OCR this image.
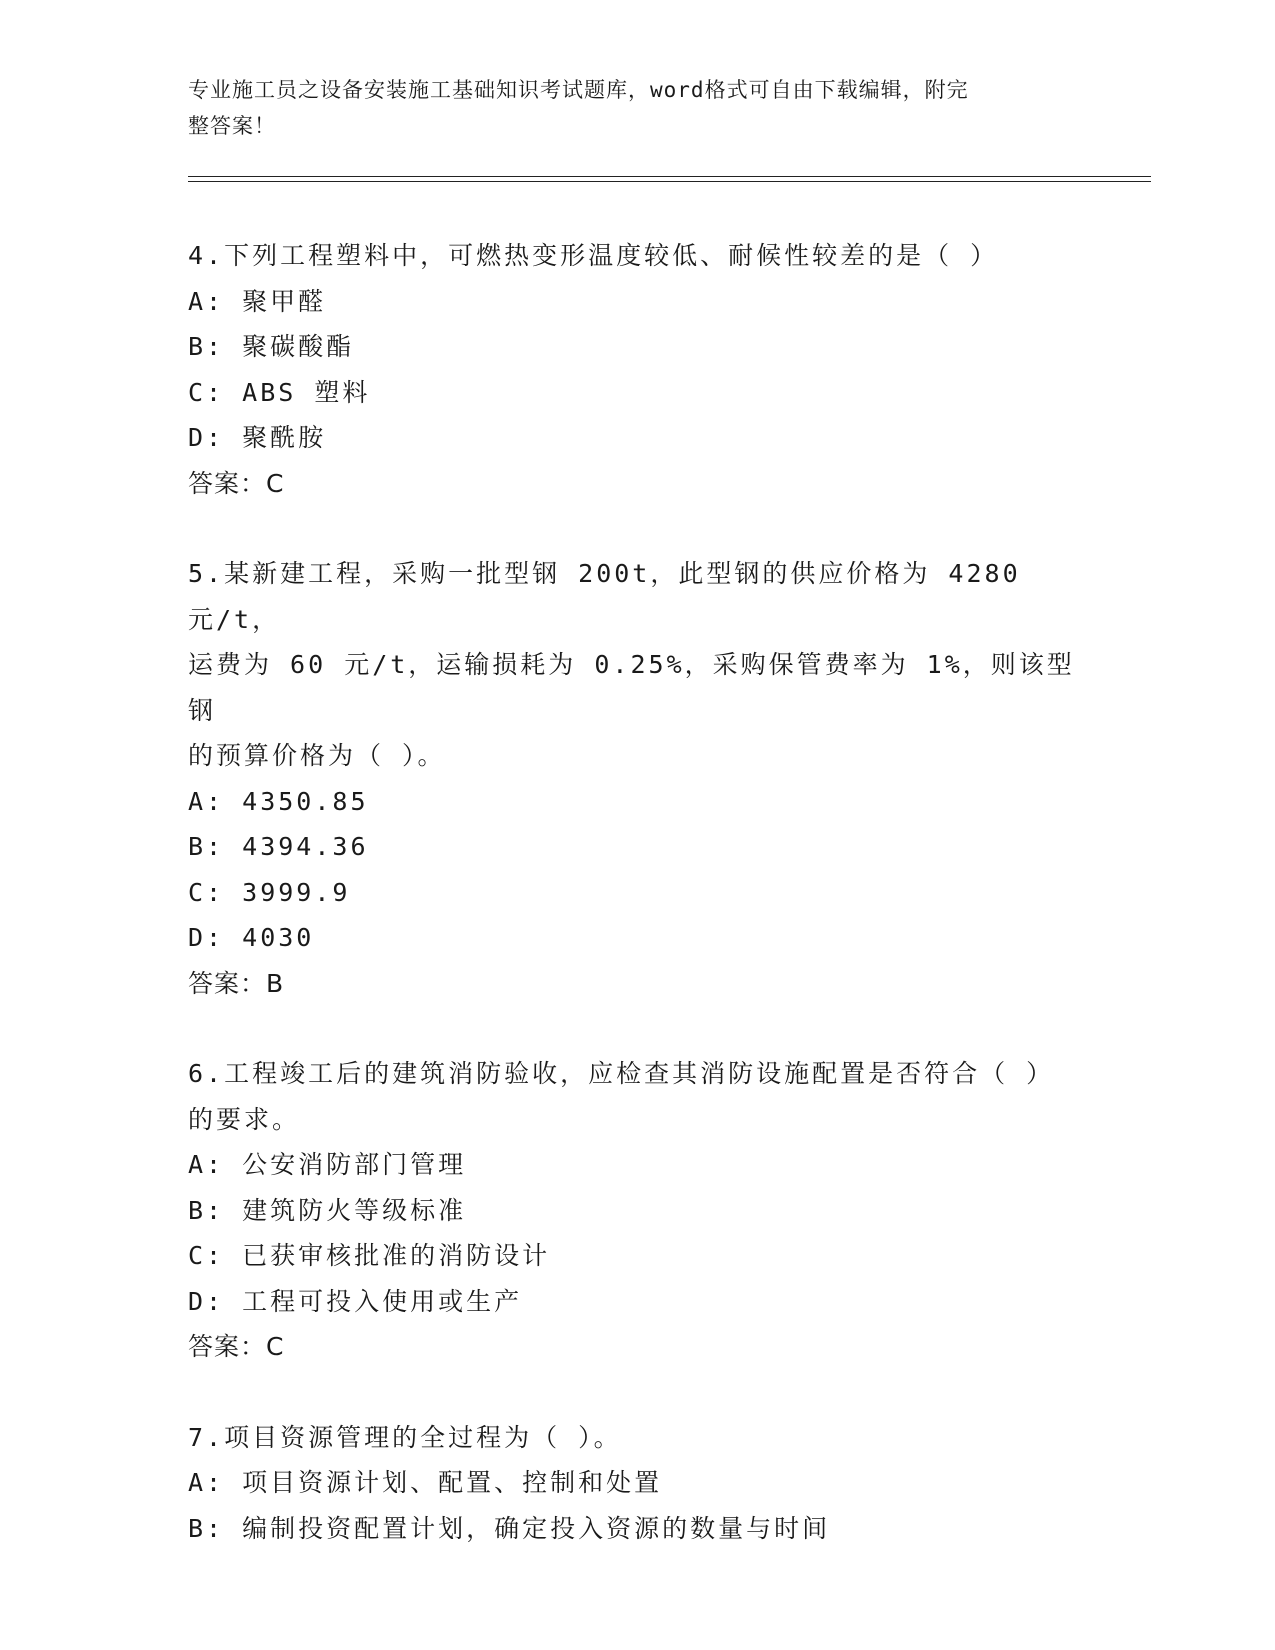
专业施工员之设备安装施工基础知识考试题库，word格式可自由下载编辑，附完
整答案！
4.下列工程塑料中，可燃热变形温度较低、耐候性较差的是（ ）
A: 聚甲醛
B: 聚碳酸酯
C: ABS 塑料
D: 聚酰胺
答案：C
5.某新建工程，采购一批型钢 200t，此型钢的供应价格为 4280 元/t，
运费为 60 元/t，运输损耗为 0.25%，采购保管费率为 1%，则该型钢
的预算价格为（ ）。
A: 4350.85
B: 4394.36
C: 3999.9
D: 4030
答案：B
6.工程竣工后的建筑消防验收，应检查其消防设施配置是否符合（ ）
的要求。
A: 公安消防部门管理
B: 建筑防火等级标准
C: 已获审核批准的消防设计
D: 工程可投入使用或生产
答案：C
7.项目资源管理的全过程为（ ）。
A: 项目资源计划、配置、控制和处置
B: 编制投资配置计划，确定投入资源的数量与时间
